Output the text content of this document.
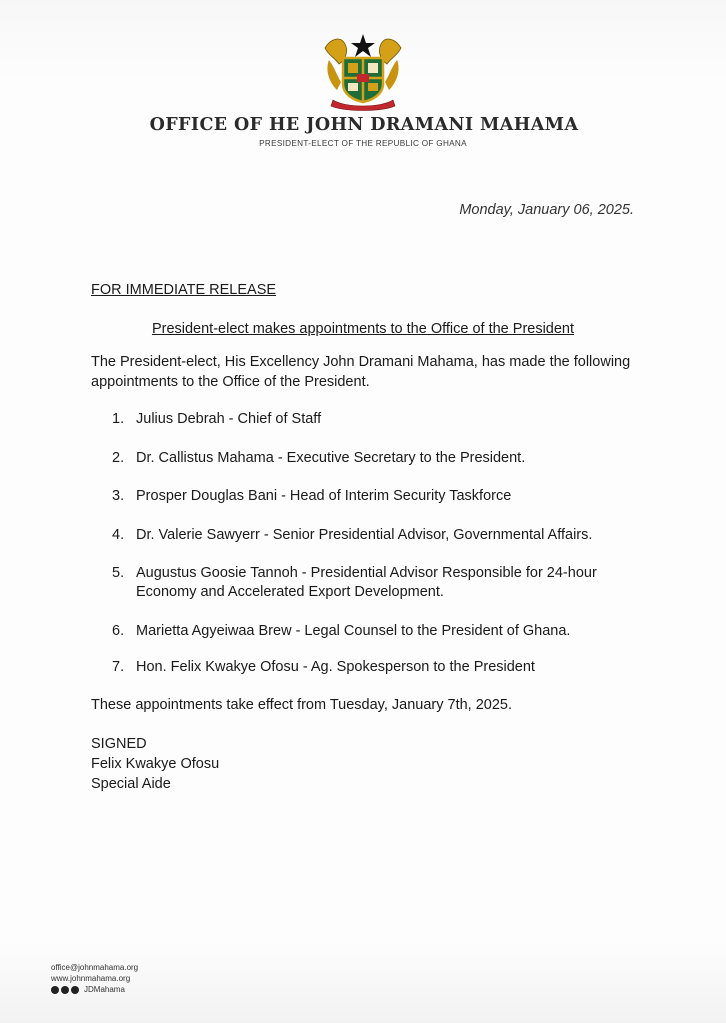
OFFICE OF HE JOHN DRAMANI MAHAMA
PRESIDENT-ELECT OF THE REPUBLIC OF GHANA
Monday, January 06, 2025.
FOR IMMEDIATE RELEASE
President-elect makes appointments to the Office of the President
The President-elect, His Excellency John Dramani Mahama, has made the following appointments to the Office of the President.
1. Julius Debrah - Chief of Staff
2. Dr. Callistus Mahama - Executive Secretary to the President.
3. Prosper Douglas Bani - Head of Interim Security Taskforce
4. Dr. Valerie Sawyerr - Senior Presidential Advisor, Governmental Affairs.
5. Augustus Goosie Tannoh - Presidential Advisor Responsible for 24-hour Economy and Accelerated Export Development.
6. Marietta Agyeiwaa Brew - Legal Counsel to the President of Ghana.
7. Hon. Felix Kwakye Ofosu - Ag. Spokesperson to the President
These appointments take effect from Tuesday, January 7th, 2025.
SIGNED
Felix Kwakye Ofosu
Special Aide
office@johnmahama.org
www.johnmahama.org
JDMahama
